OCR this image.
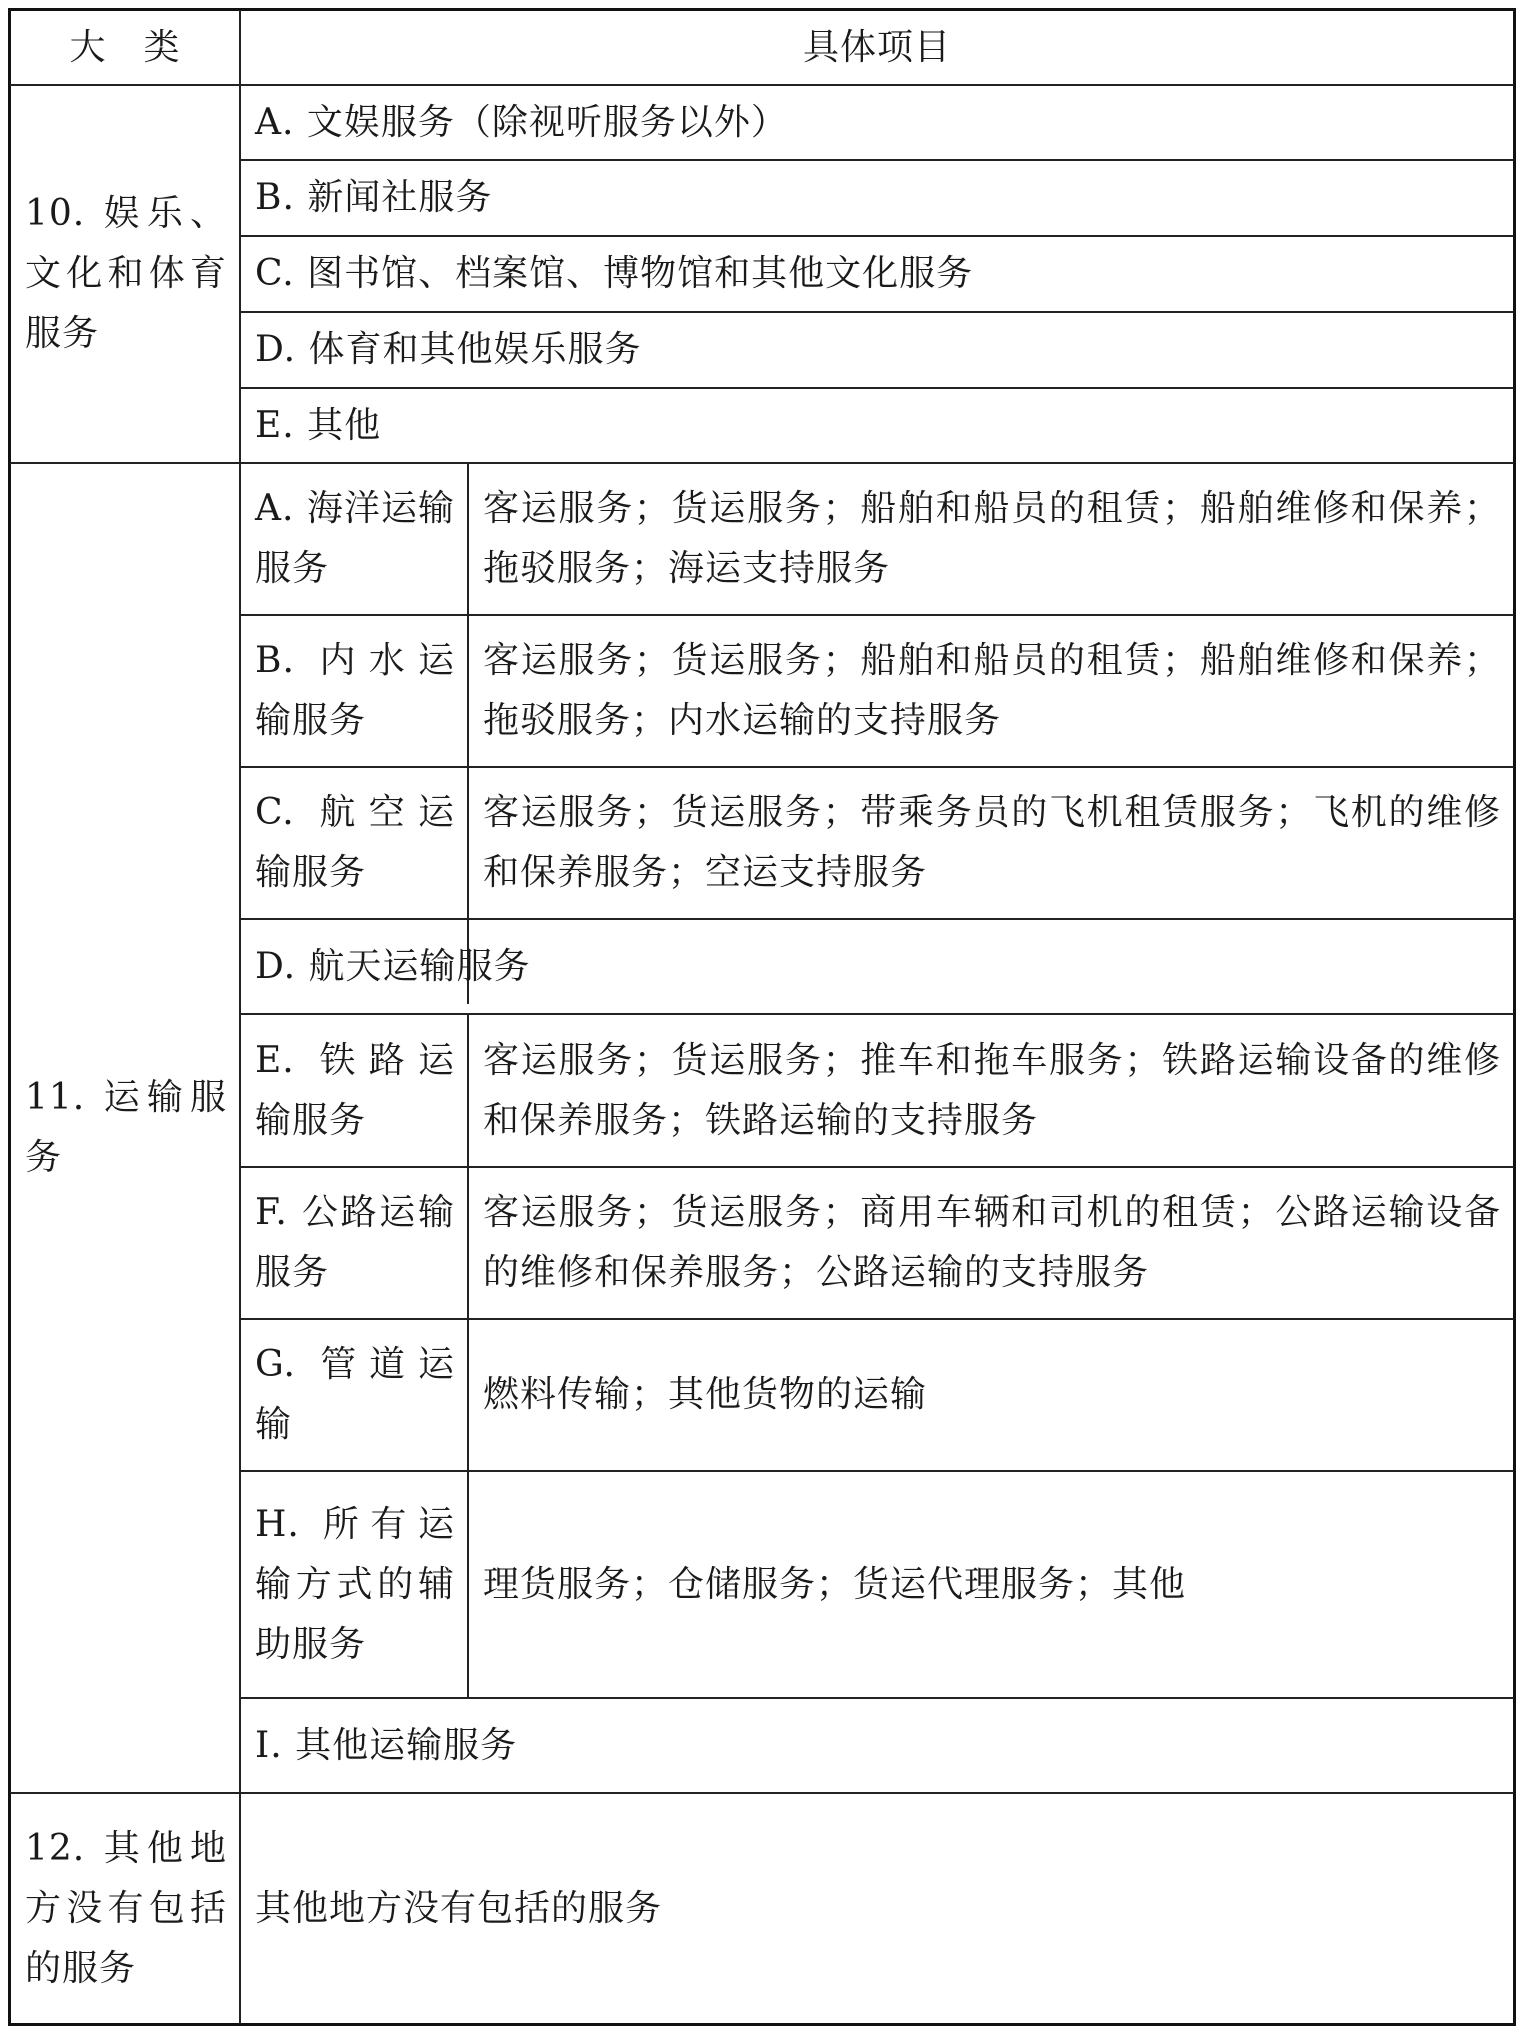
大　类	具体项目
10. 娱乐、文化和体育服务
A. 文娱服务（除视听服务以外）
B. 新闻社服务
C. 图书馆、档案馆、博物馆和其他文化服务
D. 体育和其他娱乐服务
E. 其他
11. 运输服务
A. 海洋运输服务
客运服务；货运服务；船舶和船员的租赁；船舶维修和保养；拖驳服务；海运支持服务
B. 内水运输服务
客运服务；货运服务；船舶和船员的租赁；船舶维修和保养；拖驳服务；内水运输的支持服务
C. 航空运输服务
客运服务；货运服务；带乘务员的飞机租赁服务；飞机的维修和保养服务；空运支持服务
D. 航天运输服务
E. 铁路运输服务
客运服务；货运服务；推车和拖车服务；铁路运输设备的维修和保养服务；铁路运输的支持服务
F. 公路运输服务
客运服务；货运服务；商用车辆和司机的租赁；公路运输设备的维修和保养服务；公路运输的支持服务
G. 管道运输
燃料传输；其他货物的运输
H. 所有运输方式的辅助服务
理货服务；仓储服务；货运代理服务；其他
I. 其他运输服务
12. 其他地方没有包括的服务
其他地方没有包括的服务
